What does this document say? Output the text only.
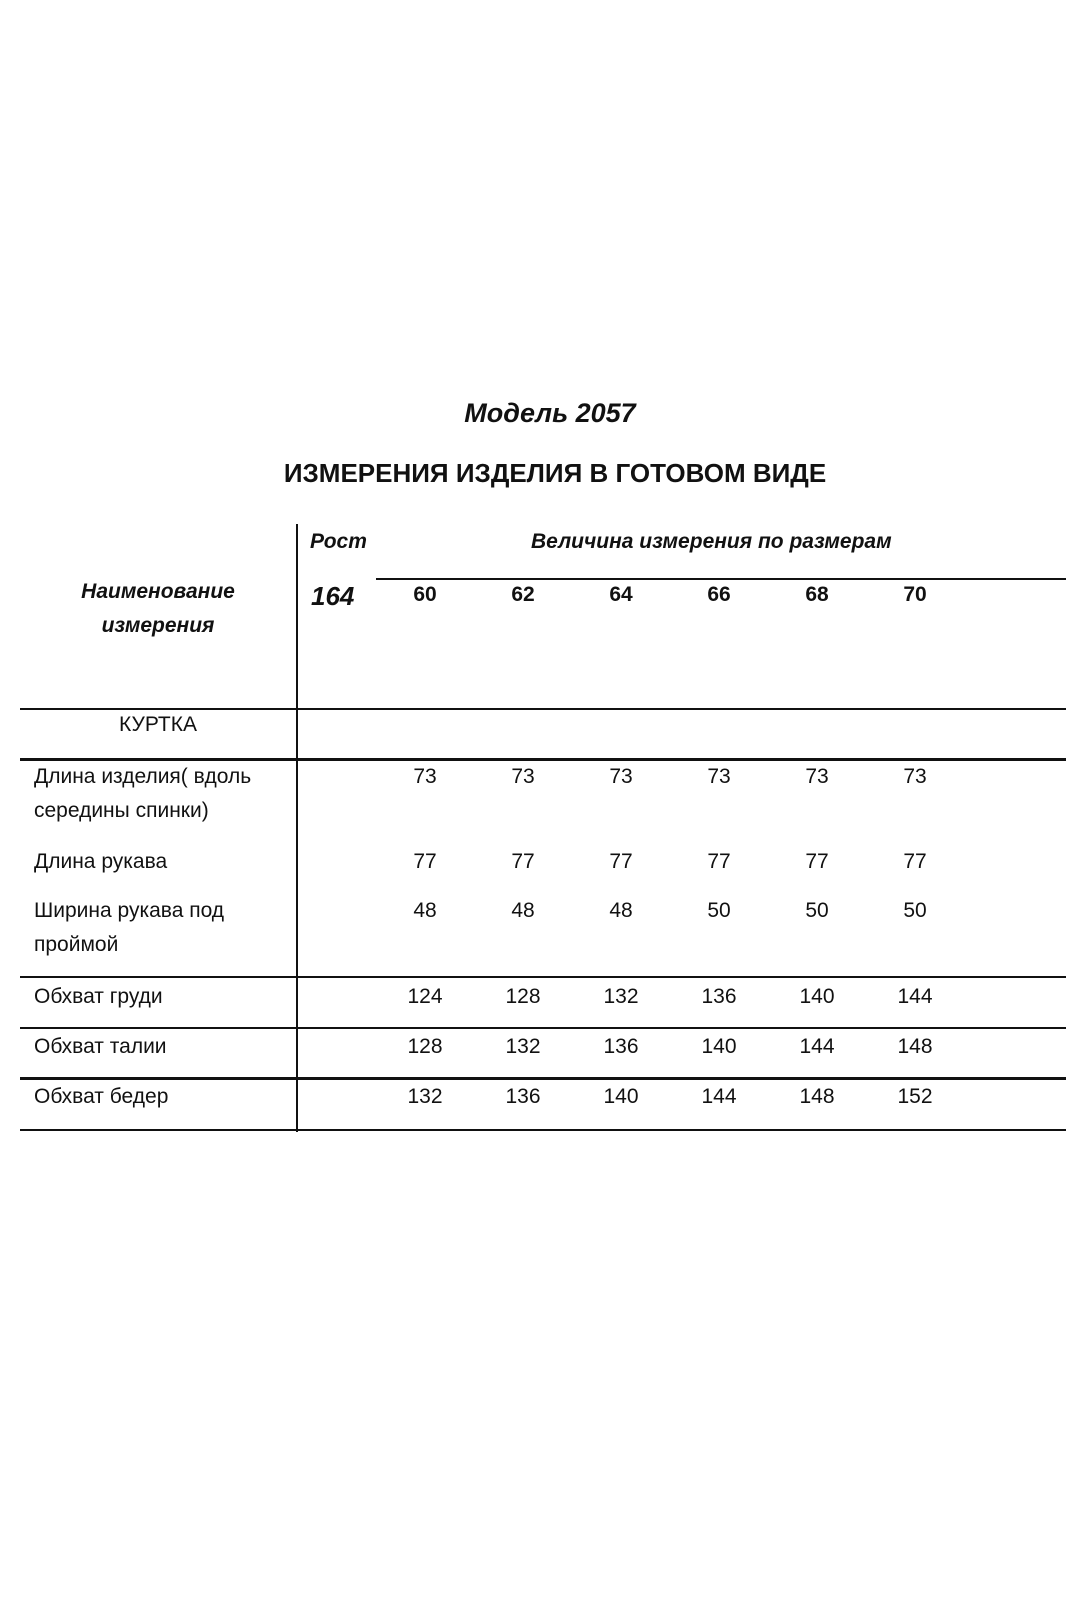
Модель 2057
ИЗМЕРЕНИЯ ИЗДЕЛИЯ В ГОТОВОМ ВИДЕ
Наименование
измерения
Рост
164
Величина измерения по размерам
60	62	64	66	68	70
КУРТКА
Длина изделия( вдоль
середины спинки)
73	73	73	73	73	73
Длина рукава	77	77	77	77	77	77
Ширина рукава под
проймой
48	48	48	50	50	50
Обхват груди	124	128	132	136	140	144
Обхват талии	128	132	136	140	144	148
Обхват бедер	132	136	140	144	148	152
